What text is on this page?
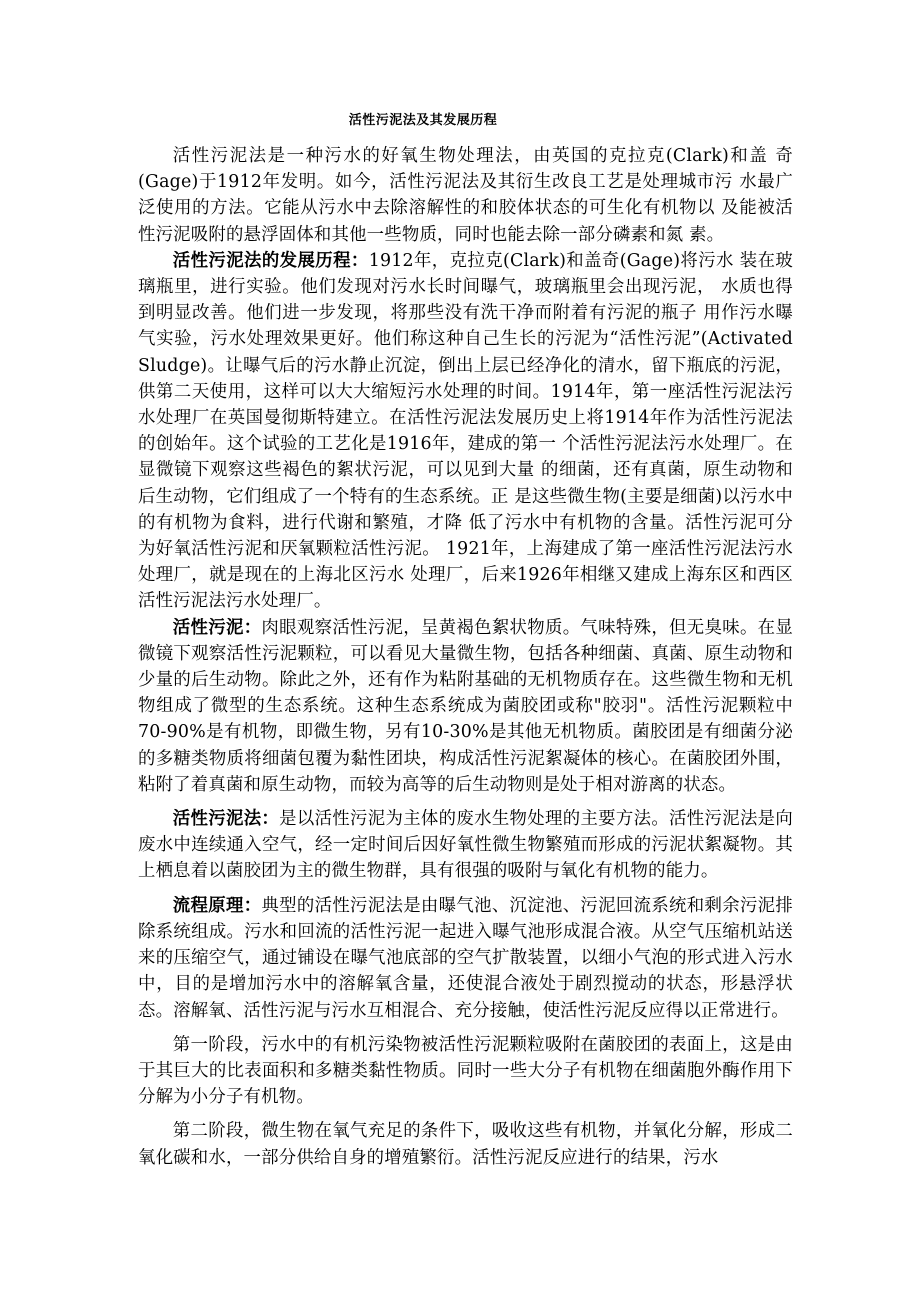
活性污泥法及其发展历程

活性污泥法是一种污水的好氧生物处理法，由英国的克拉克(Clark)和盖 奇(Gage)于1912年发明。如今，活性污泥法及其衍生改良工艺是处理城市污 水最广泛使用的方法。它能从污水中去除溶解性的和胶体状态的可生化有机物以 及能被活性污泥吸附的悬浮固体和其他一些物质，同时也能去除一部分磷素和氮 素。

活性污泥法的发展历程：1912年，克拉克(Clark)和盖奇(Gage)将污水 装在玻璃瓶里，进行实验。他们发现对污水长时间曝气，玻璃瓶里会出现污泥， 水质也得到明显改善。他们进一步发现，将那些没有洗干净而附着有污泥的瓶子 用作污水曝气实验，污水处理效果更好。他们称这种自己生长的污泥为“活性污泥”(Activated Sludge)。让曝气后的污水静止沉淀，倒出上层已经净化的清水，留下瓶底的污泥，供第二天使用，这样可以大大缩短污水处理的时间。1914年，第一座活性污泥法污水处理厂在英国曼彻斯特建立。在活性污泥法发展历史上将1914年作为活性污泥法的创始年。这个试验的工艺化是1916年，建成的第一 个活性污泥法污水处理厂。在显微镜下观察这些褐色的絮状污泥，可以见到大量 的细菌，还有真菌，原生动物和后生动物，它们组成了一个特有的生态系统。正 是这些微生物(主要是细菌)以污水中的有机物为食料，进行代谢和繁殖，才降 低了污水中有机物的含量。活性污泥可分为好氧活性污泥和厌氧颗粒活性污泥。 1921年，上海建成了第一座活性污泥法污水处理厂，就是现在的上海北区污水 处理厂，后来1926年相继又建成上海东区和西区活性污泥法污水处理厂。

活性污泥：肉眼观察活性污泥，呈黄褐色絮状物质。气味特殊，但无臭味。在显微镜下观察活性污泥颗粒，可以看见大量微生物，包括各种细菌、真菌、原生动物和少量的后生动物。除此之外，还有作为粘附基础的无机物质存在。这些微生物和无机物组成了微型的生态系统。这种生态系统成为菌胶团或称"胶羽"。活性污泥颗粒中70-90%是有机物，即微生物，另有10-30%是其他无机物质。菌胶团是有细菌分泌的多糖类物质将细菌包覆为黏性团块，构成活性污泥絮凝体的核心。在菌胶团外围，粘附了着真菌和原生动物，而较为高等的后生动物则是处于相对游离的状态。

活性污泥法：是以活性污泥为主体的废水生物处理的主要方法。活性污泥法是向废水中连续通入空气，经一定时间后因好氧性微生物繁殖而形成的污泥状絮凝物。其上栖息着以菌胶团为主的微生物群，具有很强的吸附与氧化有机物的能力。

流程原理：典型的活性污泥法是由曝气池、沉淀池、污泥回流系统和剩余污泥排除系统组成。污水和回流的活性污泥一起进入曝气池形成混合液。从空气压缩机站送来的压缩空气，通过铺设在曝气池底部的空气扩散装置，以细小气泡的形式进入污水中，目的是增加污水中的溶解氧含量，还使混合液处于剧烈搅动的状态，形悬浮状态。溶解氧、活性污泥与污水互相混合、充分接触，使活性污泥反应得以正常进行。

第一阶段，污水中的有机污染物被活性污泥颗粒吸附在菌胶团的表面上，这是由于其巨大的比表面积和多糖类黏性物质。同时一些大分子有机物在细菌胞外酶作用下分解为小分子有机物。

第二阶段，微生物在氧气充足的条件下，吸收这些有机物，并氧化分解，形成二氧化碳和水，一部分供给自身的增殖繁衍。活性污泥反应进行的结果，污水
